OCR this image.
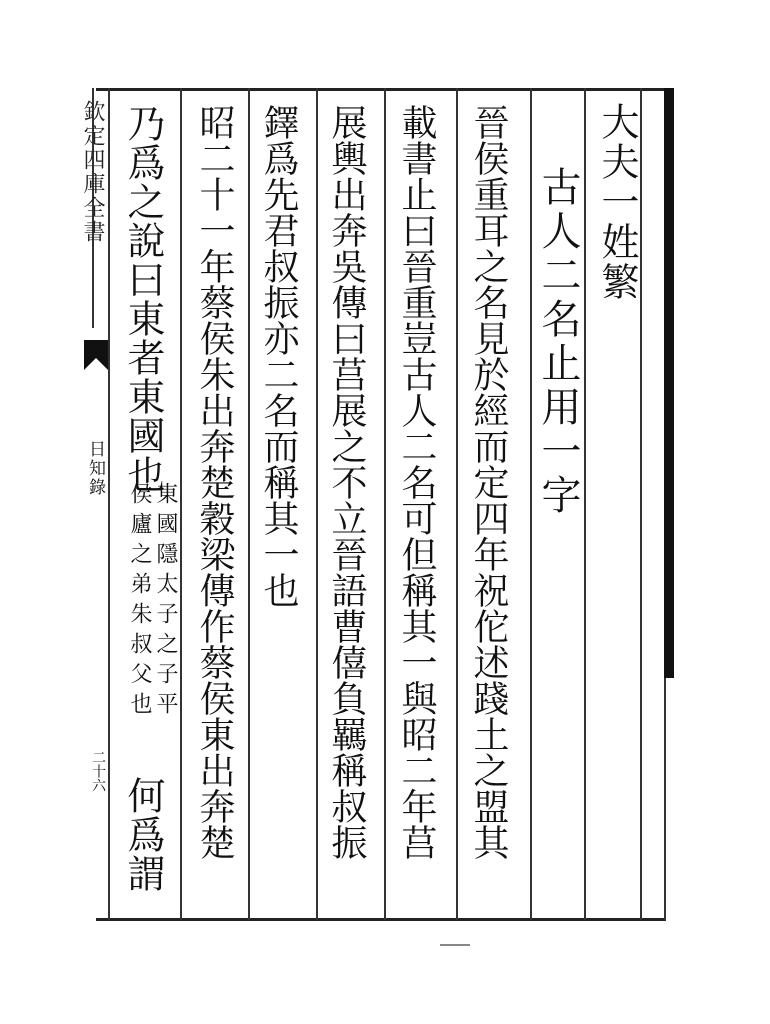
欽定四庫全書
日知錄
二十六
大夫一姓繁
古人二名止用一字
晉侯重耳之名見於經而定四年祝佗述踐土之盟其
載書止曰晉重豈古人二名可但稱其一與昭二年莒
展輿出奔吳傳曰莒展之不立晉語曹僖負羈稱叔振
鐸爲先君叔振亦二名而稱其一也
昭二十一年蔡侯朱出奔楚穀梁傳作蔡侯東出奔楚
乃爲之說曰東者東國也
何爲謂
東國隱太子之子平
侯廬之弟朱叔父也
